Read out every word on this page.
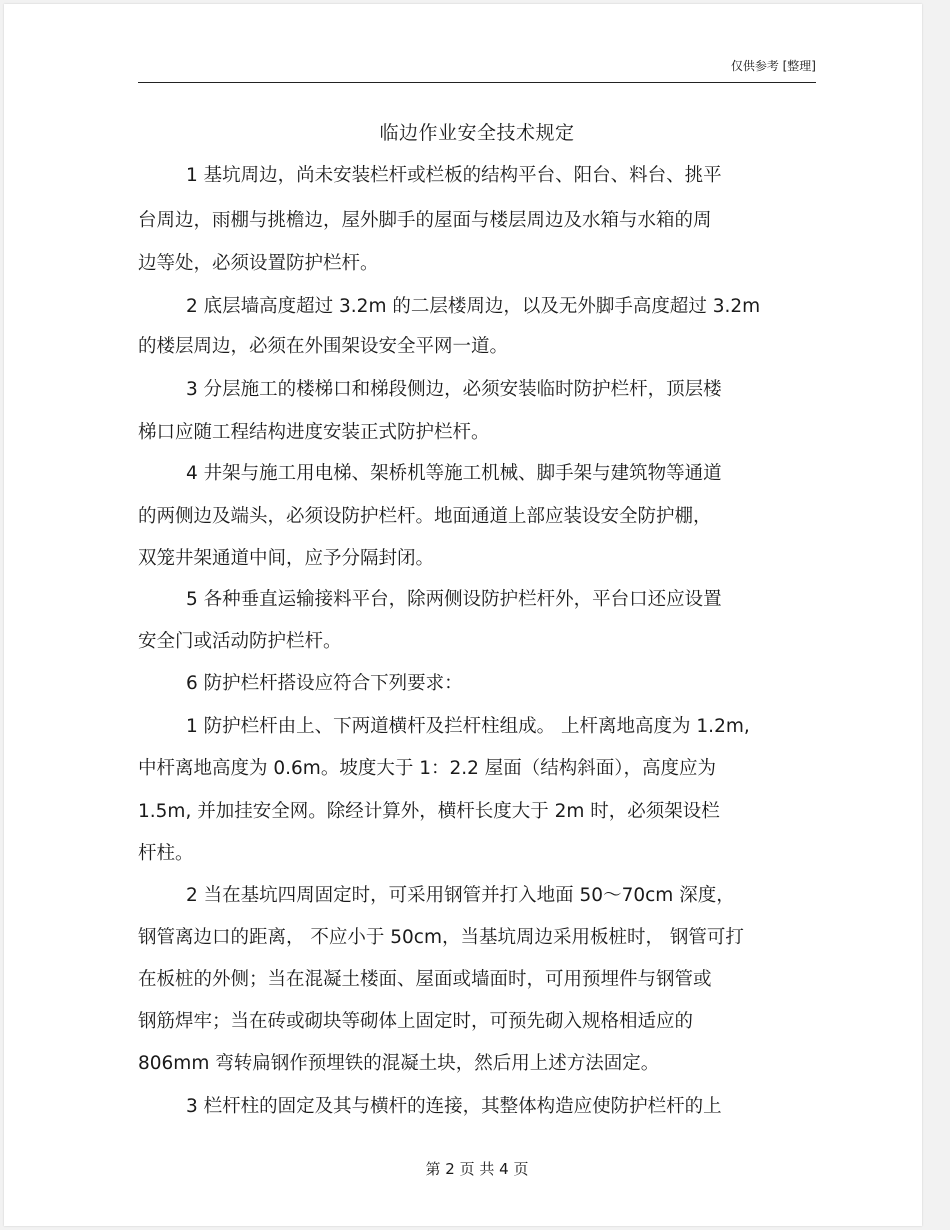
仅供参考 [整理]
临边作业安全技术规定
1 基坑周边，尚未安装栏杆或栏板的结构平台、阳台、料台、挑平
台周边，雨棚与挑檐边，屋外脚手的屋面与楼层周边及水箱与水箱的周
边等处，必须设置防护栏杆。
2 底层墙高度超过 3.2m 的二层楼周边，以及无外脚手高度超过 3.2m
的楼层周边，必须在外围架设安全平网一道。
3 分层施工的楼梯口和梯段侧边，必须安装临时防护栏杆，顶层楼
梯口应随工程结构进度安装正式防护栏杆。
4 井架与施工用电梯、架桥机等施工机械、脚手架与建筑物等通道
的两侧边及端头，必须设防护栏杆。地面通道上部应装设安全防护棚，
双笼井架通道中间，应予分隔封闭。
5 各种垂直运输接料平台，除两侧设防护栏杆外，平台口还应设置
安全门或活动防护栏杆。
6 防护栏杆搭设应符合下列要求：
1 防护栏杆由上、下两道横杆及拦杆柱组成。 上杆离地高度为 1.2m,
中杆离地高度为 0.6m。坡度大于 1：2.2 屋面（结构斜面），高度应为
1.5m, 并加挂安全网。除经计算外，横杆长度大于 2m 时，必须架设栏
杆柱。
2 当在基坑四周固定时，可采用钢管并打入地面 50～70cm 深度，
钢管离边口的距离， 不应小于 50cm，当基坑周边采用板桩时， 钢管可打
在板桩的外侧；当在混凝土楼面、屋面或墙面时，可用预埋件与钢管或
钢筋焊牢；当在砖或砌块等砌体上固定时，可预先砌入规格相适应的
806mm 弯转扁钢作预埋铁的混凝土块，然后用上述方法固定。
3 栏杆柱的固定及其与横杆的连接，其整体构造应使防护栏杆的上
第 2 页 共 4 页
